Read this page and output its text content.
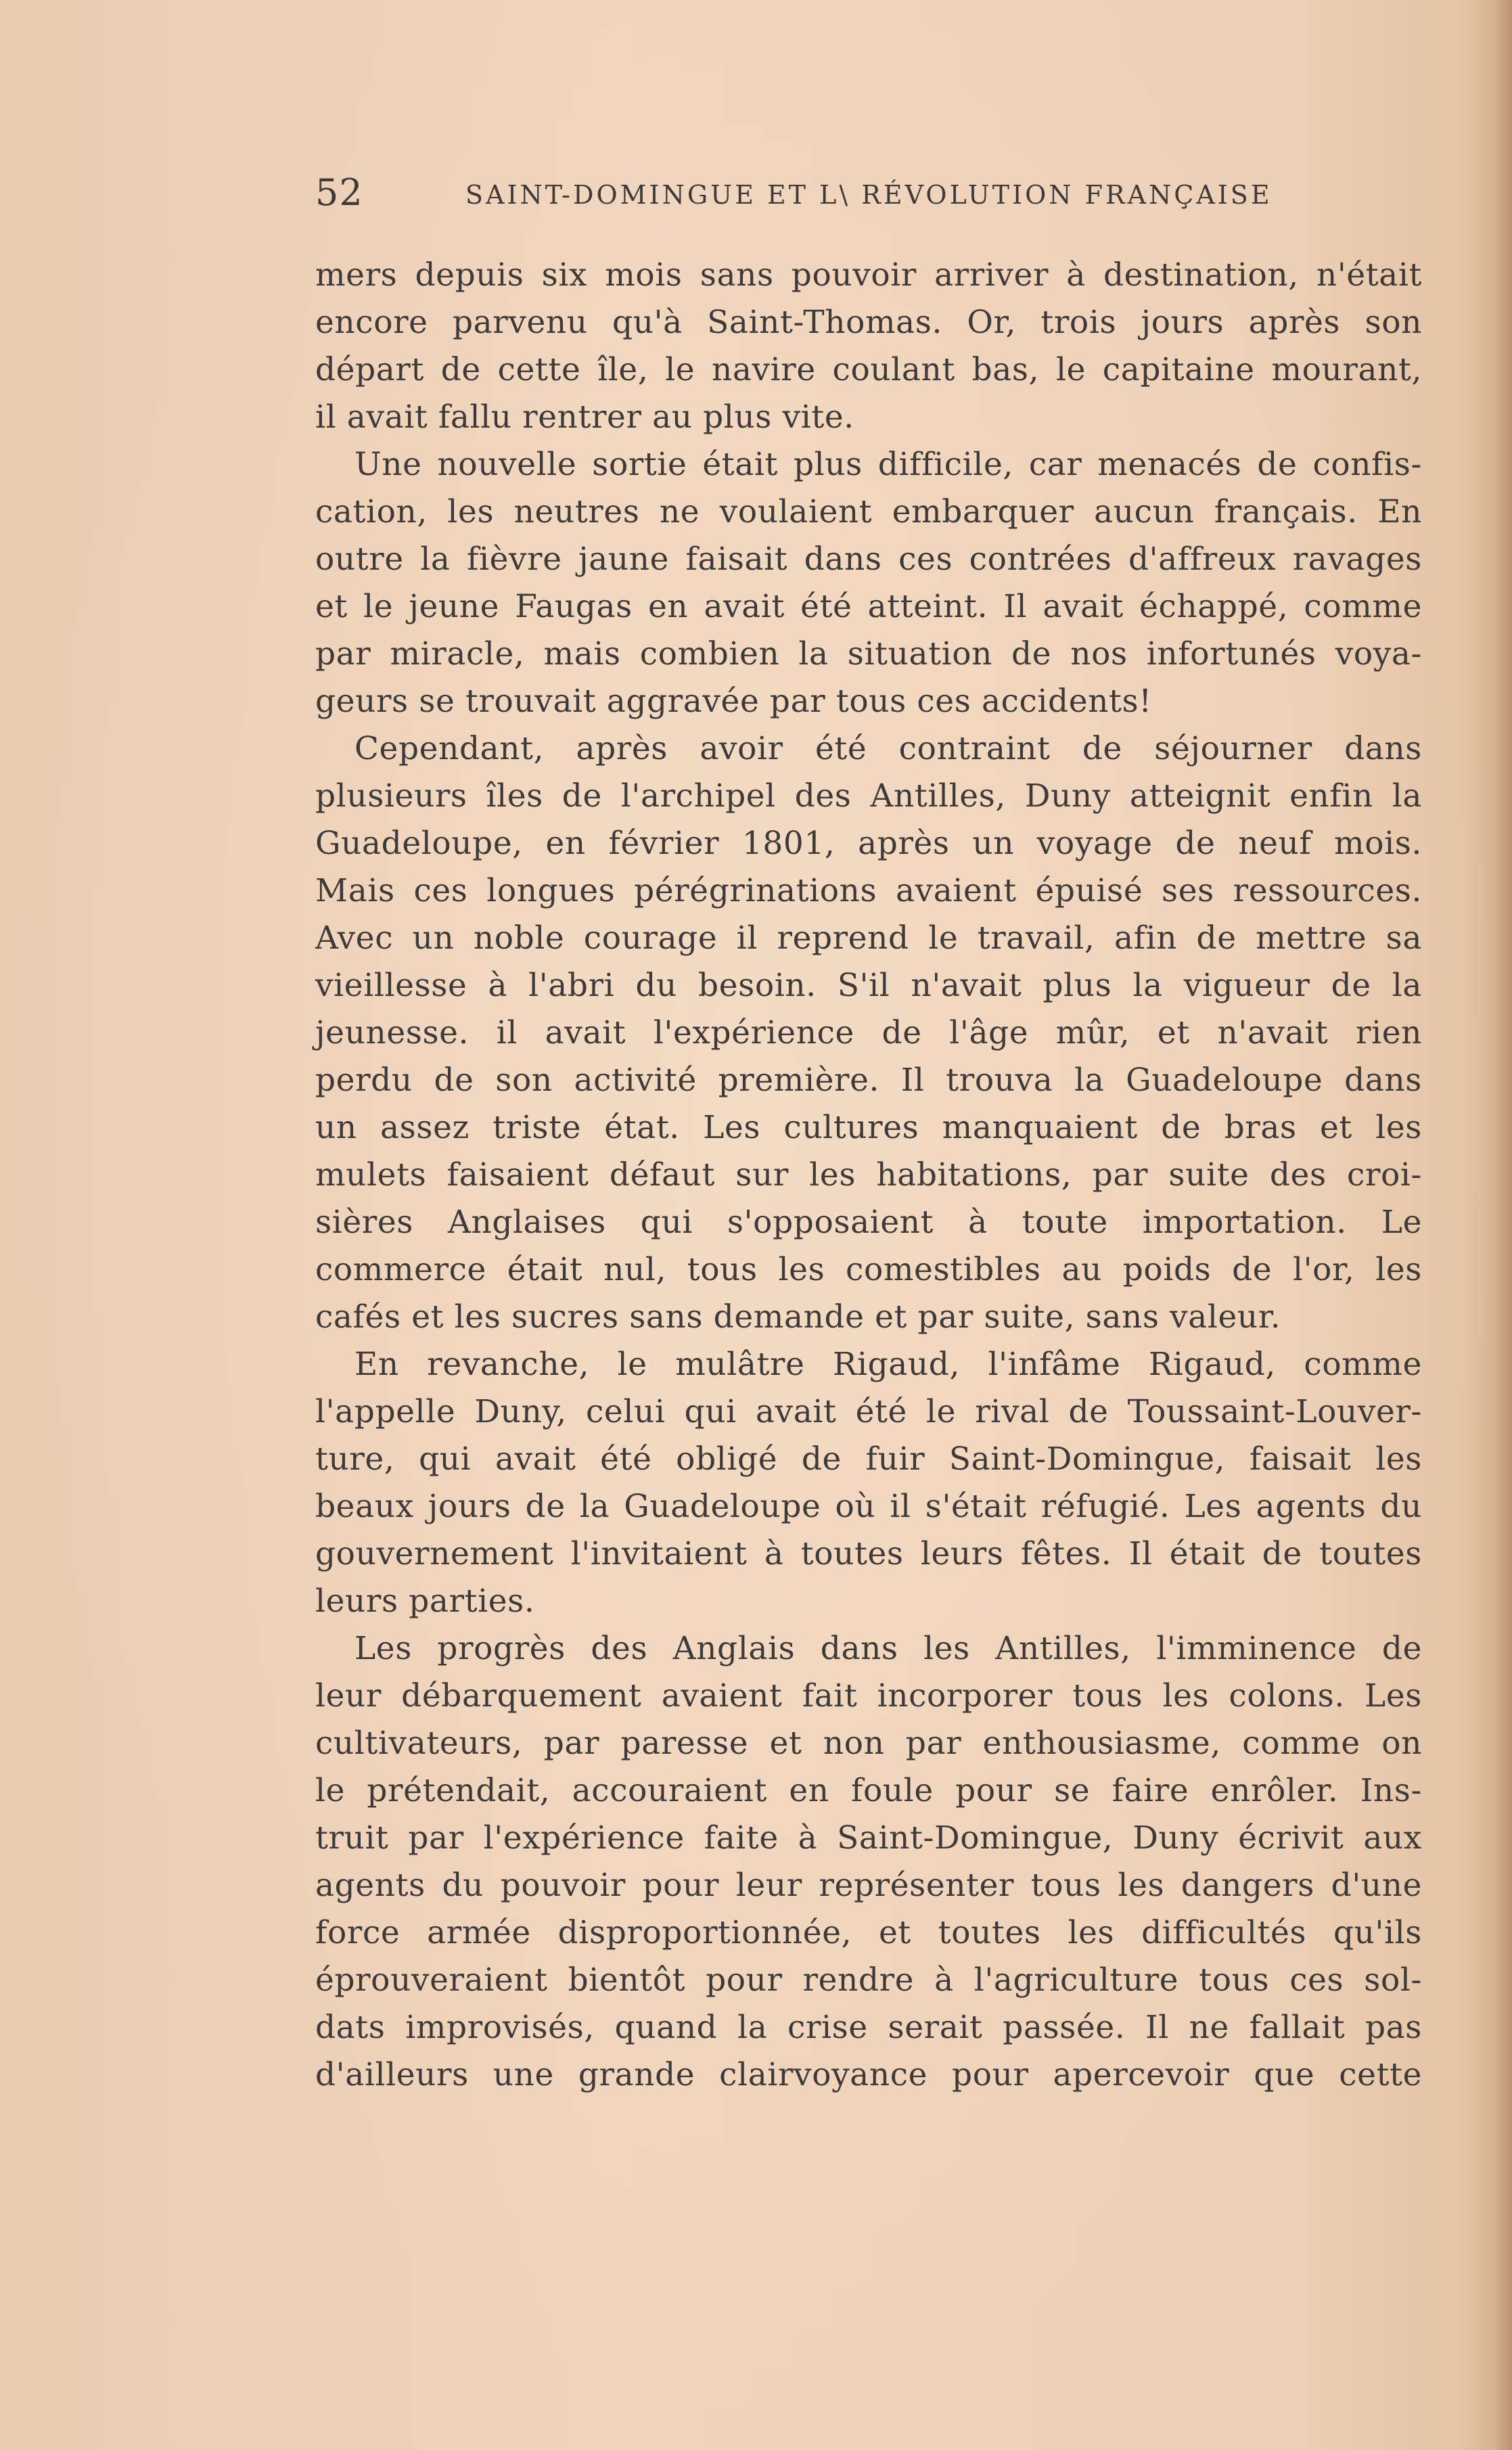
52	SAINT-DOMINGUE ET L\ RÉVOLUTION FRANÇAISE
mers depuis six mois sans pouvoir arriver à destination, n'était
encore parvenu qu'à Saint-Thomas. Or, trois jours après son
départ de cette île, le navire coulant bas, le capitaine mourant,
il avait fallu rentrer au plus vite.
Une nouvelle sortie était plus difficile, car menacés de confis-
cation, les neutres ne voulaient embarquer aucun français. En
outre la fièvre jaune faisait dans ces contrées d'affreux ravages
et le jeune Faugas en avait été atteint. Il avait échappé, comme
par miracle, mais combien la situation de nos infortunés voya-
geurs se trouvait aggravée par tous ces accidents!
Cependant, après avoir été contraint de séjourner dans
plusieurs îles de l'archipel des Antilles, Duny atteignit enfin la
Guadeloupe, en février 1801, après un voyage de neuf mois.
Mais ces longues pérégrinations avaient épuisé ses ressources.
Avec un noble courage il reprend le travail, afin de mettre sa
vieillesse à l'abri du besoin. S'il n'avait plus la vigueur de la
jeunesse. il avait l'expérience de l'âge mûr, et n'avait rien
perdu de son activité première. Il trouva la Guadeloupe dans
un assez triste état. Les cultures manquaient de bras et les
mulets faisaient défaut sur les habitations, par suite des croi-
sières Anglaises qui s'opposaient à toute importation. Le
commerce était nul, tous les comestibles au poids de l'or, les
cafés et les sucres sans demande et par suite, sans valeur.
En revanche, le mulâtre Rigaud, l'infâme Rigaud, comme
l'appelle Duny, celui qui avait été le rival de Toussaint-Louver-
ture, qui avait été obligé de fuir Saint-Domingue, faisait les
beaux jours de la Guadeloupe où il s'était réfugié. Les agents du
gouvernement l'invitaient à toutes leurs fêtes. Il était de toutes
leurs parties.
Les progrès des Anglais dans les Antilles, l'imminence de
leur débarquement avaient fait incorporer tous les colons. Les
cultivateurs, par paresse et non par enthousiasme, comme on
le prétendait, accouraient en foule pour se faire enrôler. Ins-
truit par l'expérience faite à Saint-Domingue, Duny écrivit aux
agents du pouvoir pour leur représenter tous les dangers d'une
force armée disproportionnée, et toutes les difficultés qu'ils
éprouveraient bientôt pour rendre à l'agriculture tous ces sol-
dats improvisés, quand la crise serait passée. Il ne fallait pas
d'ailleurs une grande clairvoyance pour apercevoir que cette
